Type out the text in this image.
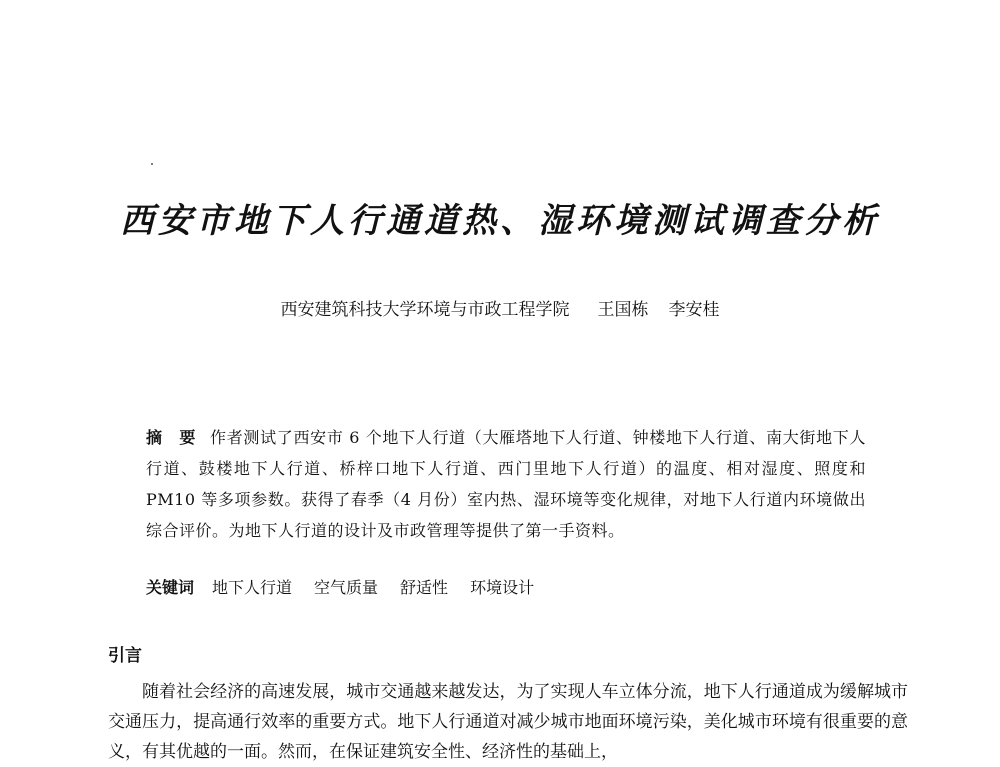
西安市地下人行通道热、湿环境测试调查分析
西安建筑科技大学环境与市政工程学院 王国栋 李安桂
摘　要 作者测试了西安市 6 个地下人行道（大雁塔地下人行道、钟楼地下人行道、南大街地下人行道、鼓楼地下人行道、桥梓口地下人行道、西门里地下人行道）的温度、相对湿度、照度和 PM10 等多项参数。获得了春季（4 月份）室内热、湿环境等变化规律，对地下人行道内环境做出综合评价。为地下人行道的设计及市政管理等提供了第一手资料。
关键词 地下人行道 空气质量 舒适性 环境设计
引言
随着社会经济的高速发展，城市交通越来越发达，为了实现人车立体分流，地下人行通道成为缓解城市交通压力，提高通行效率的重要方式。地下人行通道对减少城市地面环境污染，美化城市环境有很重要的意义，有其优越的一面。然而，在保证建筑安全性、经济性的基础上，
